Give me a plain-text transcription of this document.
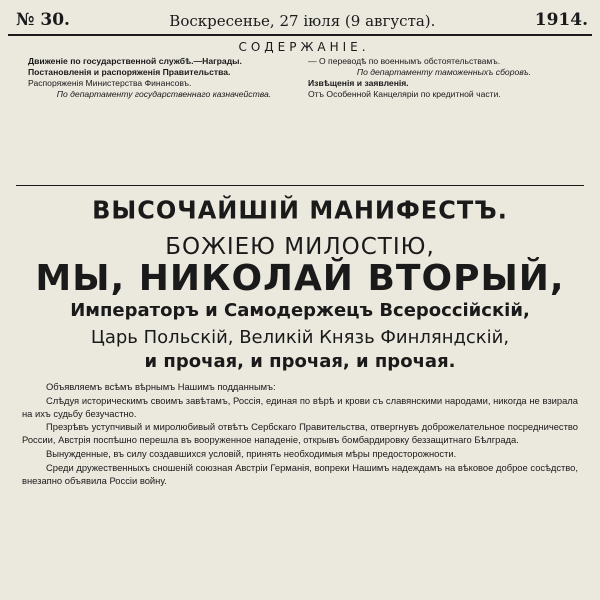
№ 30.	Воскресенье, 27 іюля (9 августа).	1914.
СОДЕРЖАНІЕ.

Движеніе по государственной службѣ.—Награды.

Постановленія и распоряженія Правительства.

Распоряженія Министерства Финансовъ.

По департаменту государственнаго казначейства.

— О переводѣ по военнымъ обстоятельствамъ.

По департаменту таможенныхъ сборовъ.

Извѣщенія и заявленія.

Отъ Особенной Канцеляріи по кредитной части.

ВЫСОЧАЙШІЙ МАНИФЕСТЪ.
БОЖІЕЮ МИЛОСТІЮ,
МЫ, НИКОЛАЙ ВТОРЫЙ,
Императоръ и Самодержецъ Всероссійскій,
Царь Польскій, Великій Князь Финляндскій,
и прочая, и прочая, и прочая.

Объявляемъ всѣмъ вѣрнымъ Нашимъ подданнымъ:

Слѣдуя историческимъ своимъ завѣтамъ, Россія, единая по вѣрѣ и крови съ славянскими народами, никогда не взирала на ихъ судьбу безучастно.

Презрѣвъ уступчивый и миролюбивый отвѣтъ Сербскаго Правительства, отвергнувъ доброжелательное посредничество России, Австрія поспѣшно перешла въ вооруженное нападеніе, открывъ бомбардировку беззащитнаго Бѣлграда.

Вынужденные, въ силу создавшихся условій, принять необходимыя мѣры предосторожности.

Среди дружественныхъ сношеній союзная Австріи Германія, вопреки Нашимъ надеждамъ на вѣковое доброе сосѣдство, внезапно объявила Россіи войну.
